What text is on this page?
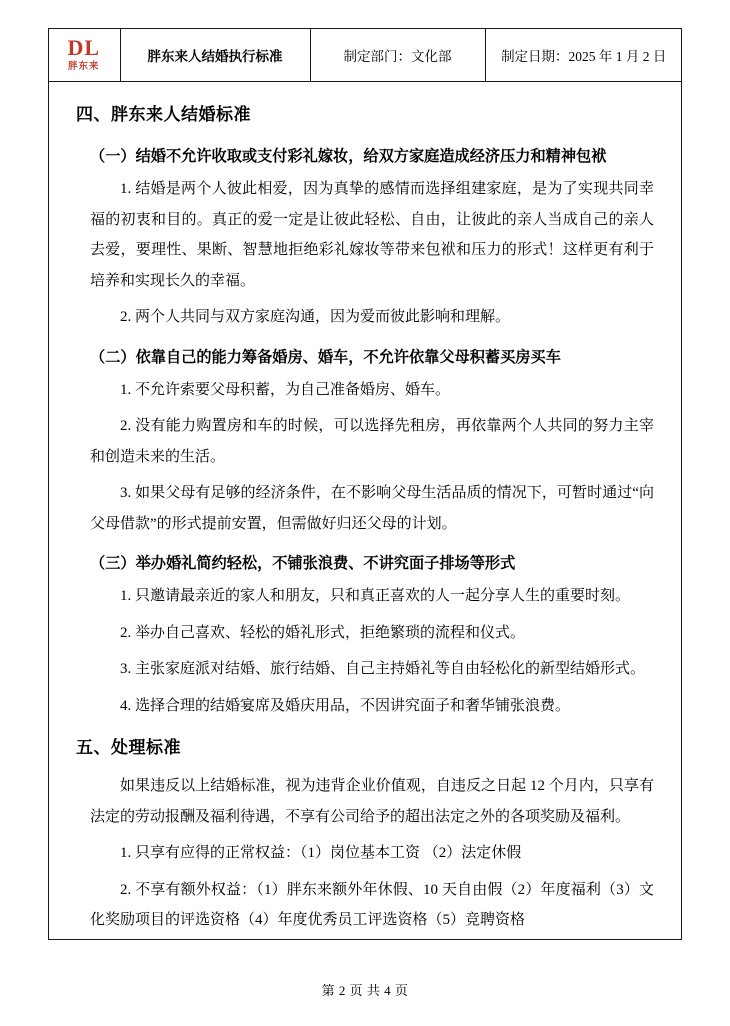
DL
胖东来
	胖东来人结婚执行标准	制定部门：文化部	制定日期：2025 年 1 月 2 日
四、胖东来人结婚标准
（一）结婚不允许收取或支付彩礼嫁妆，给双方家庭造成经济压力和精神包袱

1. 结婚是两个人彼此相爱，因为真挚的感情而选择组建家庭，是为了实现共同幸福的初衷和目的。真正的爱一定是让彼此轻松、自由，让彼此的亲人当成自己的亲人去爱，要理性、果断、智慧地拒绝彩礼嫁妆等带来包袱和压力的形式！这样更有利于培养和实现长久的幸福。

2. 两个人共同与双方家庭沟通，因为爱而彼此影响和理解。

（二）依靠自己的能力筹备婚房、婚车，不允许依靠父母积蓄买房买车

1. 不允许索要父母积蓄，为自己准备婚房、婚车。

2. 没有能力购置房和车的时候，可以选择先租房，再依靠两个人共同的努力主宰和创造未来的生活。

3. 如果父母有足够的经济条件，在不影响父母生活品质的情况下，可暂时通过“向父母借款”的形式提前安置，但需做好归还父母的计划。

（三）举办婚礼简约轻松，不铺张浪费、不讲究面子排场等形式

1. 只邀请最亲近的家人和朋友，只和真正喜欢的人一起分享人生的重要时刻。

2. 举办自己喜欢、轻松的婚礼形式，拒绝繁琐的流程和仪式。

3. 主张家庭派对结婚、旅行结婚、自己主持婚礼等自由轻松化的新型结婚形式。

4. 选择合理的结婚宴席及婚庆用品，不因讲究面子和奢华铺张浪费。

五、处理标准

如果违反以上结婚标准，视为违背企业价值观，自违反之日起 12 个月内，只享有法定的劳动报酬及福利待遇，不享有公司给予的超出法定之外的各项奖励及福利。

1. 只享有应得的正常权益：（1）岗位基本工资 （2）法定休假

2. 不享有额外权益：（1）胖东来额外年休假、10 天自由假（2）年度福利（3）文化奖励项目的评选资格（4）年度优秀员工评选资格（5）竞聘资格

第 2 页 共 4 页
